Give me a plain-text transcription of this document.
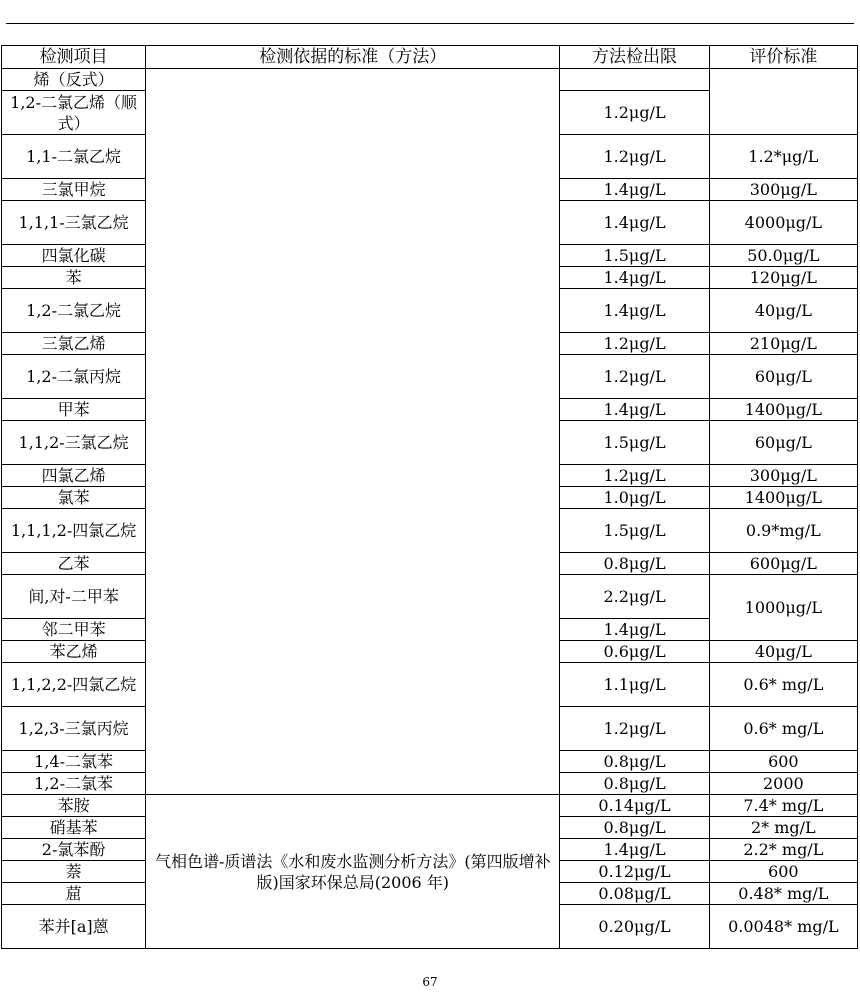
检测项目	检测依据的标准（方法）	方法检出限	评价标准
烯（反式）			
1,2-二氯乙烯（顺式）		1.2μg/L	
1,1-二氯乙烷		1.2μg/L	1.2*μg/L
三氯甲烷		1.4μg/L	300μg/L
1,1,1-三氯乙烷		1.4μg/L	4000μg/L
四氯化碳		1.5μg/L	50.0μg/L
苯		1.4μg/L	120μg/L
1,2-二氯乙烷		1.4μg/L	40μg/L
三氯乙烯		1.2μg/L	210μg/L
1,2-二氯丙烷		1.2μg/L	60μg/L
甲苯		1.4μg/L	1400μg/L
1,1,2-三氯乙烷		1.5μg/L	60μg/L
四氯乙烯		1.2μg/L	300μg/L
氯苯		1.0μg/L	1400μg/L
1,1,1,2-四氯乙烷		1.5μg/L	0.9*mg/L
乙苯		0.8μg/L	600μg/L
间,对-二甲苯		2.2μg/L	1000μg/L
邻二甲苯		1.4μg/L	
苯乙烯		0.6μg/L	40μg/L
1,1,2,2-四氯乙烷		1.1μg/L	0.6* mg/L
1,2,3-三氯丙烷		1.2μg/L	0.6* mg/L
1,4-二氯苯		0.8μg/L	600
1,2-二氯苯		0.8μg/L	2000
苯胺	气相色谱-质谱法《水和废水监测分析方法》(第四版增补版)国家环保总局(2006 年)	0.14μg/L	7.4* mg/L
硝基苯		0.8μg/L	2* mg/L
2-氯苯酚		1.4μg/L	2.2* mg/L
萘		0.12μg/L	600
䓛		0.08μg/L	0.48* mg/L
苯并[a]蒽		0.20μg/L	0.0048* mg/L
67
